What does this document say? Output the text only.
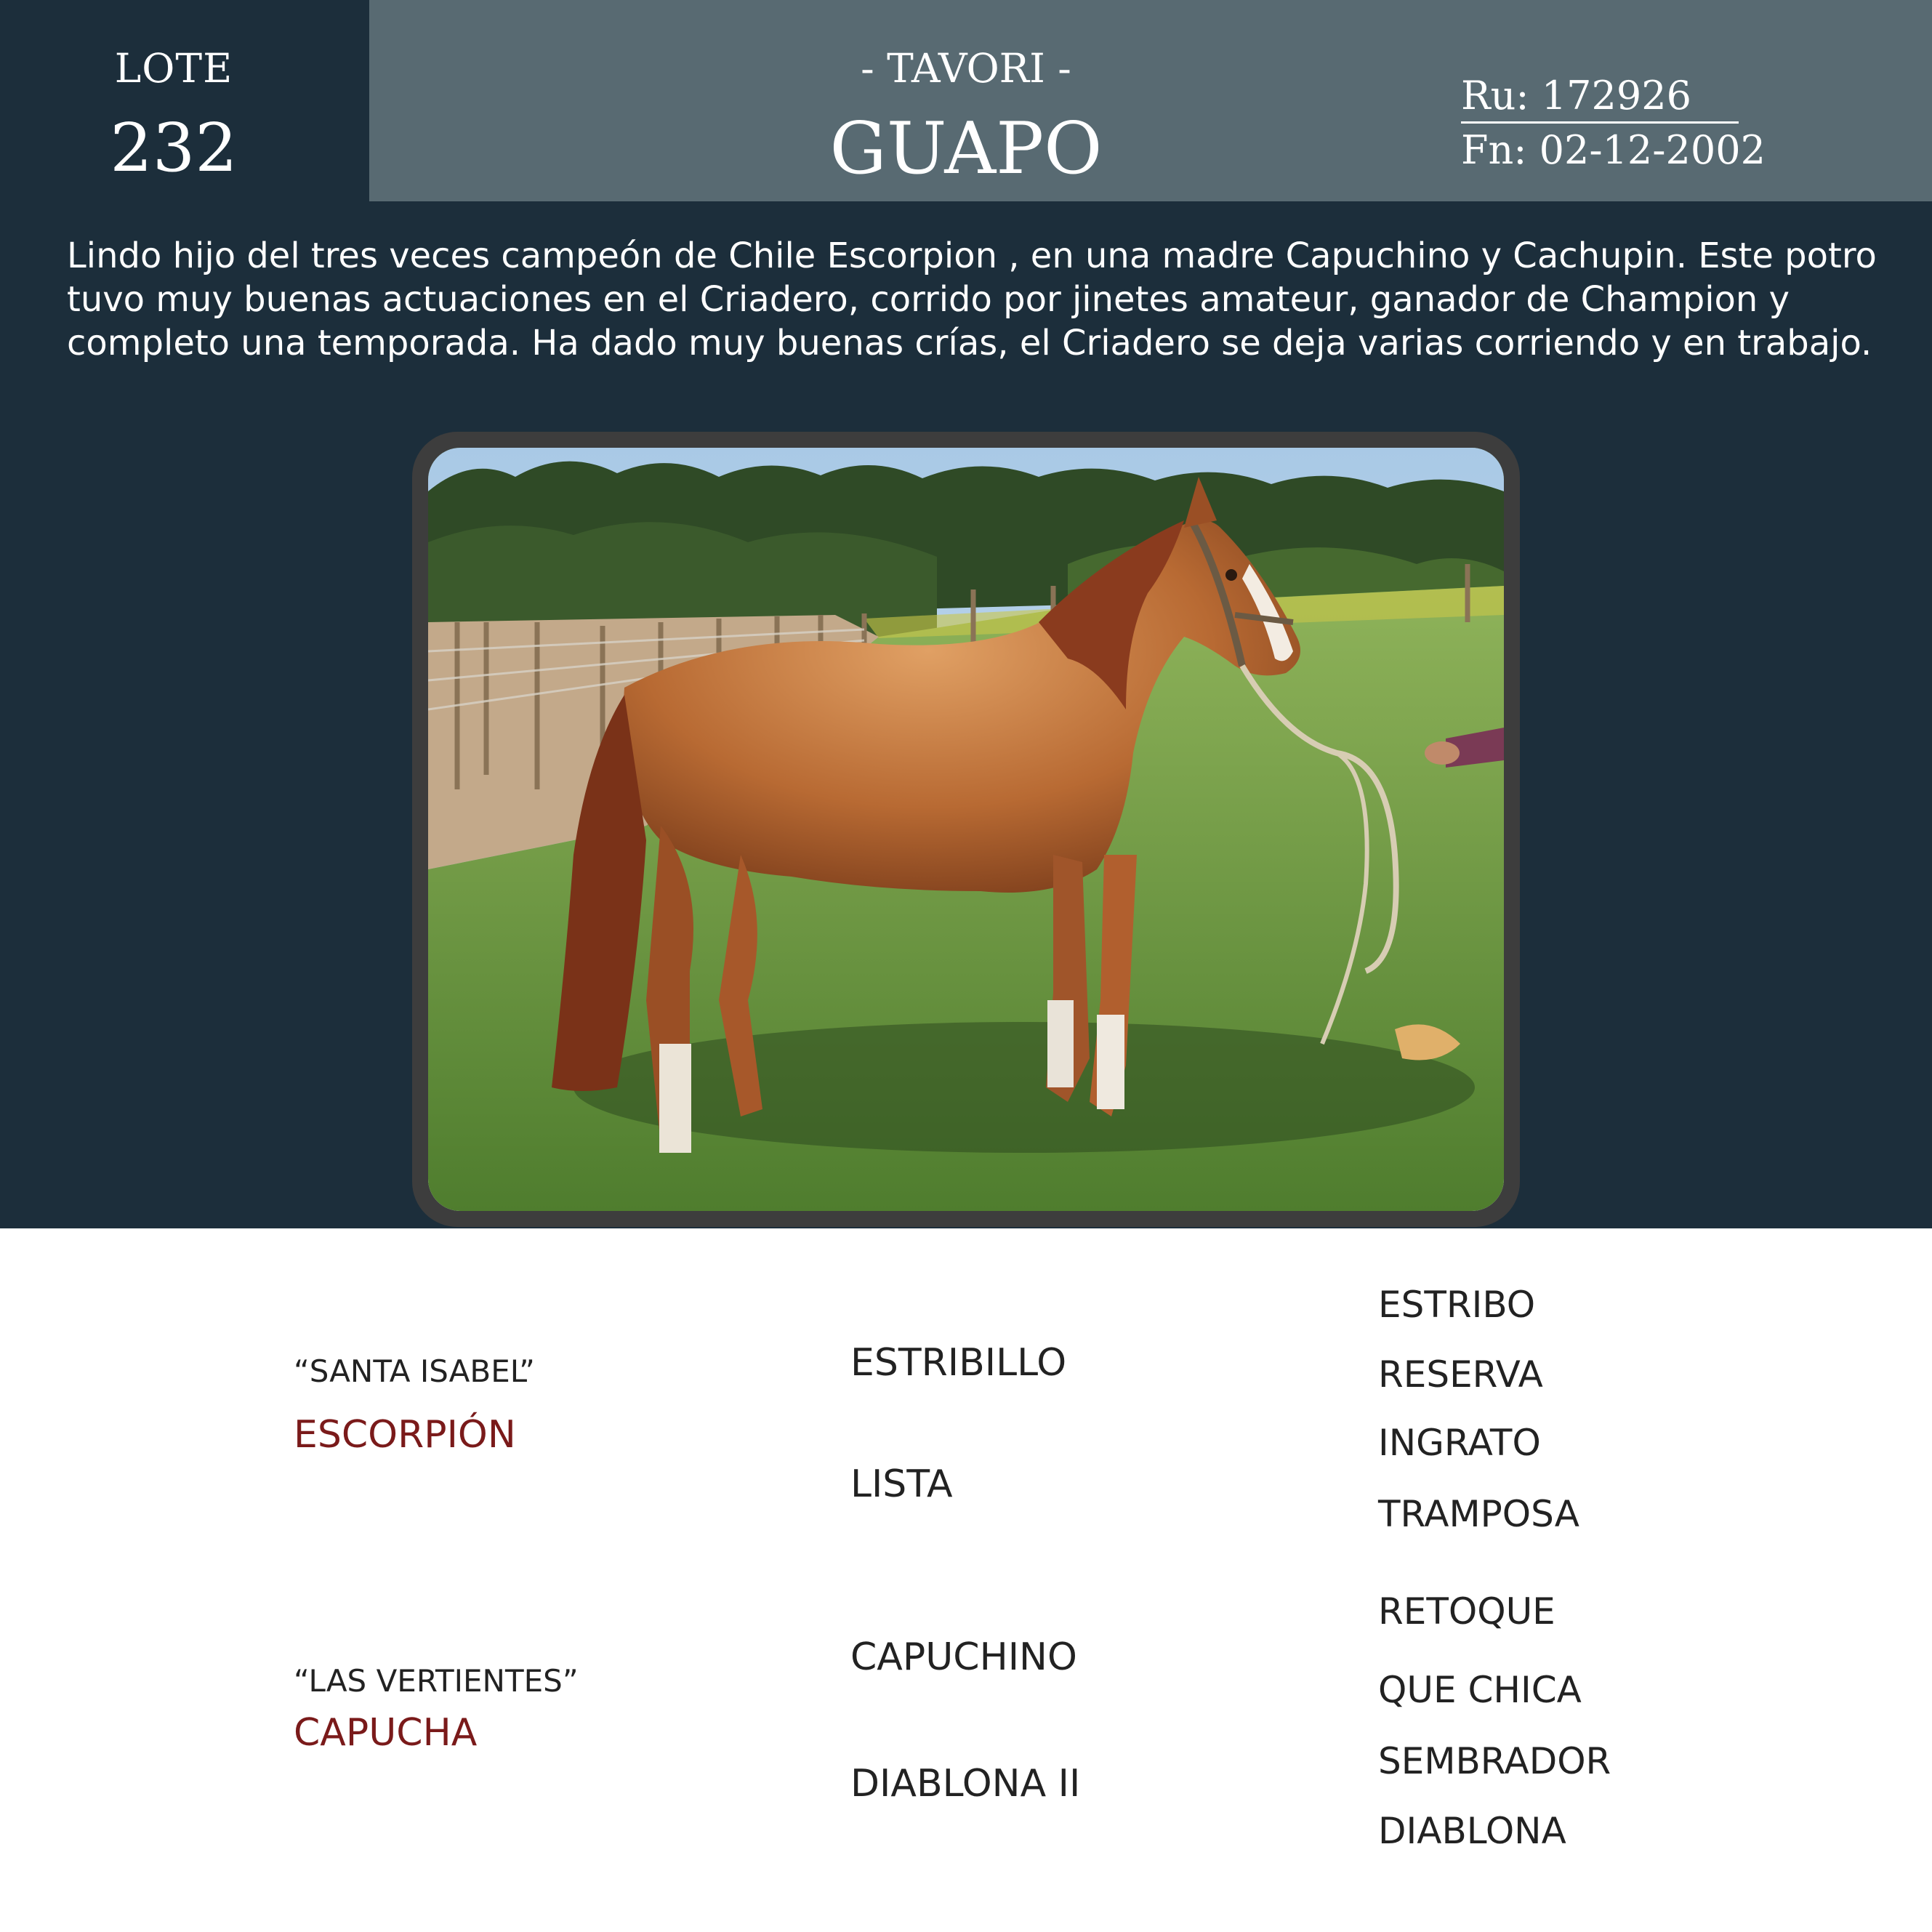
LOTE
232
- TAVORI -
GUAPO
Ru: 172926
Fn: 02-12-2002
Lindo hijo del tres veces campeón de Chile Escorpion , en una madre Capuchino y Cachupin. Este potro tuvo muy buenas actuaciones en el Criadero, corrido por jinetes amateur, ganador de Champion y completo una temporada. Ha dado muy buenas crías, el Criadero se deja varias corriendo y en trabajo.
“SANTA ISABEL”
ESCORPIÓN
ESTRIBILLO
LISTA
ESTRIBO
RESERVA
INGRATO
TRAMPOSA
“LAS VERTIENTES”
CAPUCHA
CAPUCHINO
DIABLONA II
RETOQUE
QUE CHICA
SEMBRADOR
DIABLONA
